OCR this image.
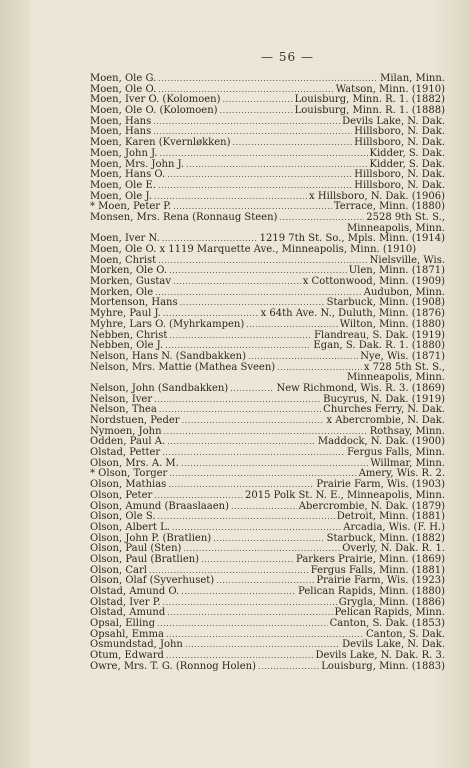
— 56 —
Moen, Ole G. . . .	Milan, Minn.
Moen, Ole O. . . .	Watson, Minn. (1910)
Moen, Iver O. (Kolomoen) . . .	Louisburg, Minn. R. 1. (1882)
Moen, Ole O. (Kolomoen) . . .	Louisburg, Minn. R. 1. (1888)
Moen, Hans . . .	Devils Lake, N. Dak.
Moen, Hans . . .	Hillsboro, N. Dak.
Moen, Karen (Kvernløkken) . . .	Hillsboro, N. Dak.
Moen, John J. . . .	Kidder, S. Dak.
Moen, Mrs. John J. . . .	Kidder, S. Dak.
Moen, Hans O. . . .	Hillsboro, N. Dak.
Moen, Ole E. . . .	Hillsboro, N. Dak.
Moen, Ole J. . . .	x Hillsboro, N. Dak. (1906)
* Moen, Peter P. . . .	Terrace, Minn. (1880)
Monsen, Mrs. Rena (Ronnaug Steen) . . .	2528 9th St. S.,
Minneapolis, Minn.
Moen, Iver N. . . .	1219 7th St. So., Mpls. Minn. (1914)
Moen, Ole O. x 1119 Marquette Ave., Minneapolis, Minn. (1910)
Moen, Christ . . .	Nielsville, Wis.
Morken, Ole O. . . .	Ulen, Minn. (1871)
Morken, Gustav . . .	x Cottonwood, Minn. (1909)
Morken, Ole . . .	Audubon, Minn.
Mortenson, Hans . . .	Starbuck, Minn. (1908)
Myhre, Paul J. . . .	x 64th Ave. N., Duluth, Minn. (1876)
Myhre, Lars O. (Myhrkampen) . . .	Wilton, Minn. (1880)
Nebben, Christ . . .	Flandreau, S. Dak. (1919)
Nebben, Ole J. . . .	Egan, S. Dak. R. 1. (1880)
Nelson, Hans N. (Sandbakken) . . .	Nye, Wis. (1871)
Nelson, Mrs. Mattie (Mathea Sveen) . . .	x 728 5th St. S.,
Minneapolis, Minn.
Nelson, John (Sandbakken) . . .	New Richmond, Wis. R. 3. (1869)
Nelson, Iver . . .	Bucyrus, N. Dak. (1919)
Nelson, Thea . . .	Churches Ferry, N. Dak.
Nordstuen, Peder . . .	x Abercrombie, N. Dak.
Nymoen, John . . .	Rothsay, Minn.
Odden, Paul A. . . .	Maddock, N. Dak. (1900)
Olstad, Petter . . .	Fergus Falls, Minn.
Olson, Mrs. A. M. . . .	Willmar, Minn.
* Olson, Torger . . .	Amery, Wis. R. 2.
Olson, Mathias . . .	Prairie Farm, Wis. (1903)
Olson, Peter . . .	2015 Polk St. N. E., Minneapolis, Minn.
Olson, Amund (Braaslaaen) . . .	Abercrombie, N. Dak. (1879)
Olson, Ole S. . . .	Detroit, Minn. (1881)
Olson, Albert L. . . .	Arcadia, Wis. (F. H.)
Olson, John P. (Bratlien) . . .	Starbuck, Minn. (1882)
Olson, Paul (Sten) . . .	Overly, N. Dak. R. 1.
Olson, Paul (Bratlien) . . .	Parkers Prairie, Minn. (1869)
Olson, Carl . . .	Fergus Falls, Minn. (1881)
Olson, Olaf (Syverhuset) . . .	Prairie Farm, Wis. (1923)
Olstad, Amund O. . . .	Pelican Rapids, Minn. (1880)
Olstad, Iver P. . . .	Grygla, Minn. (1886)
Olstad, Amund . . .	Pelican Rapids, Minn.
Opsal, Elling . . .	Canton, S. Dak. (1853)
Opsahl, Emma . . .	Canton, S. Dak.
Osmundstad, John . . .	Devils Lake, N. Dak.
Otum, Edward . . .	Devils Lake, N. Dak. R. 3.
Owre, Mrs. T. G. (Ronnog Holen) . . .	Louisburg, Minn. (1883)
